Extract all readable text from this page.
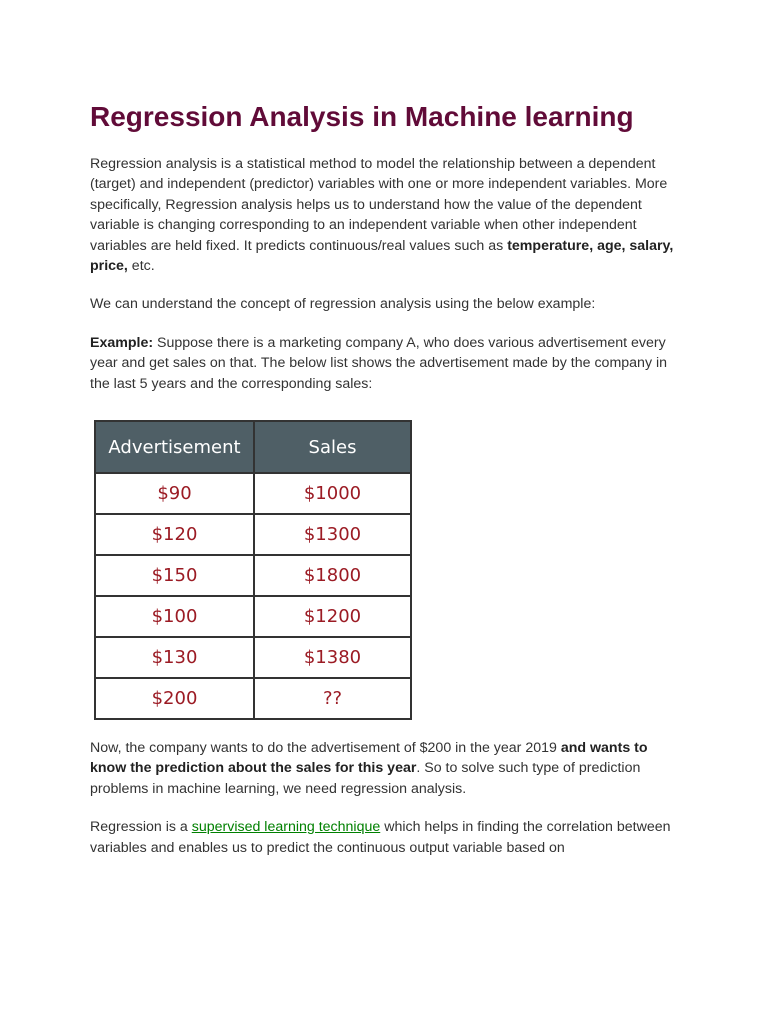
Regression Analysis in Machine learning

Regression analysis is a statistical method to model the relationship between a dependent (target) and independent (predictor) variables with one or more independent variables. More specifically, Regression analysis helps us to understand how the value of the dependent variable is changing corresponding to an independent variable when other independent variables are held fixed. It predicts continuous/real values such as temperature, age, salary, price, etc.

We can understand the concept of regression analysis using the below example:

Example: Suppose there is a marketing company A, who does various advertisement every year and get sales on that. The below list shows the advertisement made by the company in the last 5 years and the corresponding sales:

Advertisement	Sales
$90	$1000
$120	$1300
$150	$1800
$100	$1200
$130	$1380
$200	??

Now, the company wants to do the advertisement of $200 in the year 2019 and wants to know the prediction about the sales for this year. So to solve such type of prediction problems in machine learning, we need regression analysis.

Regression is a supervised learning technique which helps in finding the correlation between variables and enables us to predict the continuous output variable based on
